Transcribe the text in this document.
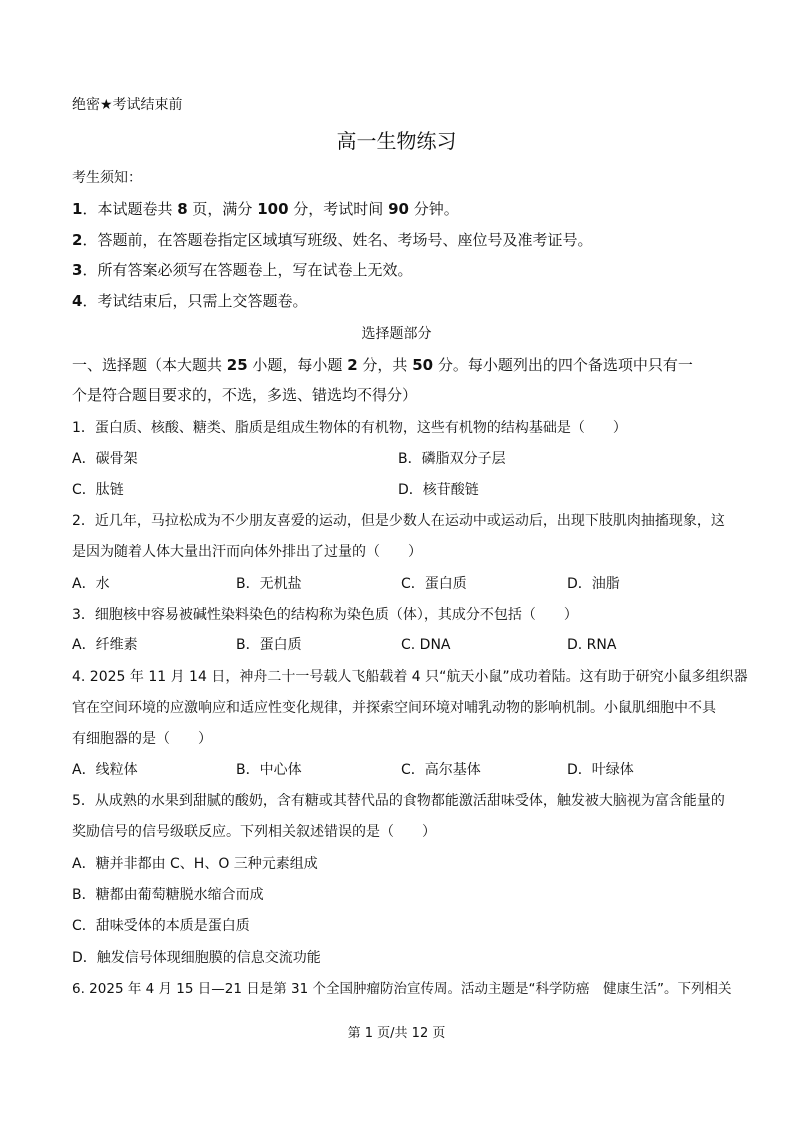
绝密★考试结束前
高一生物练习
考生须知：
1．本试题卷共 8 页，满分 100 分，考试时间 90 分钟。
2．答题前，在答题卷指定区域填写班级、姓名、考场号、座位号及准考证号。
3．所有答案必须写在答题卷上，写在试卷上无效。
4．考试结束后，只需上交答题卷。
选择题部分
一、选择题（本大题共 25 小题，每小题 2 分，共 50 分。每小题列出的四个备选项中只有一
个是符合题目要求的，不选，多选、错选均不得分）
1．蛋白质、核酸、糖类、脂质是组成生物体的有机物，这些有机物的结构基础是（　　）
A．碳骨架	B．磷脂双分子层
C．肽链	D．核苷酸链
2．近几年，马拉松成为不少朋友喜爱的运动，但是少数人在运动中或运动后，出现下肢肌肉抽搐现象，这
是因为随着人体大量出汗而向体外排出了过量的（　　）
A．水	B．无机盐	C．蛋白质	D．油脂
3．细胞核中容易被碱性染料染色的结构称为染色质（体），其成分不包括（　　）
A．纤维素	B．蛋白质	C. DNA	D. RNA
4. 2025 年 11 月 14 日，神舟二十一号载人飞船载着 4 只“航天小鼠”成功着陆。这有助于研究小鼠多组织器
官在空间环境的应激响应和适应性变化规律，并探索空间环境对哺乳动物的影响机制。小鼠肌细胞中不具
有细胞器的是（　　）
A．线粒体	B．中心体	C．高尔基体	D．叶绿体
5．从成熟的水果到甜腻的酸奶，含有糖或其替代品的食物都能激活甜味受体，触发被大脑视为富含能量的
奖励信号的信号级联反应。下列相关叙述错误的是（　　）
A．糖并非都由 C、H、O 三种元素组成
B．糖都由葡萄糖脱水缩合而成
C．甜味受体的本质是蛋白质
D．触发信号体现细胞膜的信息交流功能
6. 2025 年 4 月 15 日—21 日是第 31 个全国肿瘤防治宣传周。活动主题是“科学防癌　健康生活”。下列相关
第 1 页/共 12 页
